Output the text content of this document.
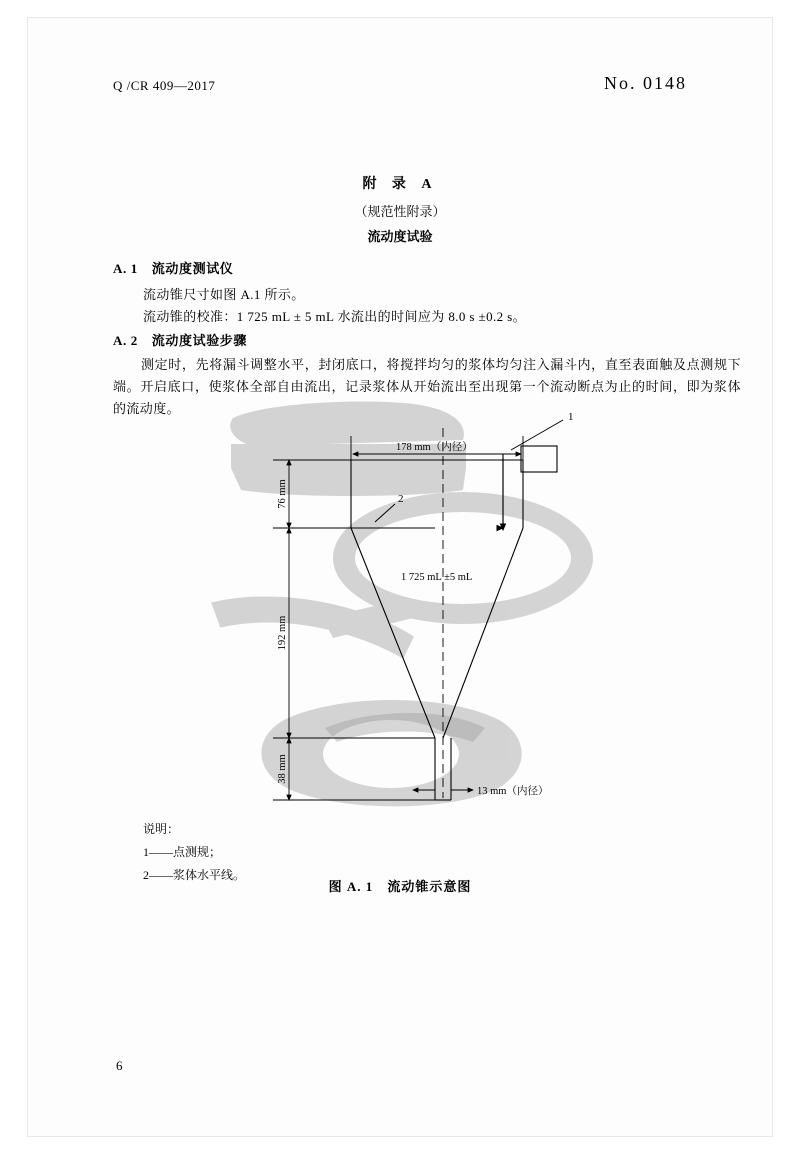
Q /CR 409—2017	No. 0148
附 录 A
（规范性附录）
流动度试验
A. 1 流动度测试仪
流动锥尺寸如图 A.1 所示。
流动锥的校准：1 725 mL ± 5 mL 水流出的时间应为 8.0 s ±0.2 s。
A. 2 流动度试验步骤
测定时，先将漏斗调整水平，封闭底口，将搅拌均匀的浆体均匀注入漏斗内，直至表面触及点测规下端。开启底口，使浆体全部自由流出，记录浆体从开始流出至出现第一个流动断点为止的时间，即为浆体的流动度。
1
2
178 mm（内径）
13 mm（内径）
1 725 mL ±5 mL
76 mm
192 mm
38 mm
说明：
1——点测规；
2——浆体水平线。
图 A. 1 流动锥示意图
6
